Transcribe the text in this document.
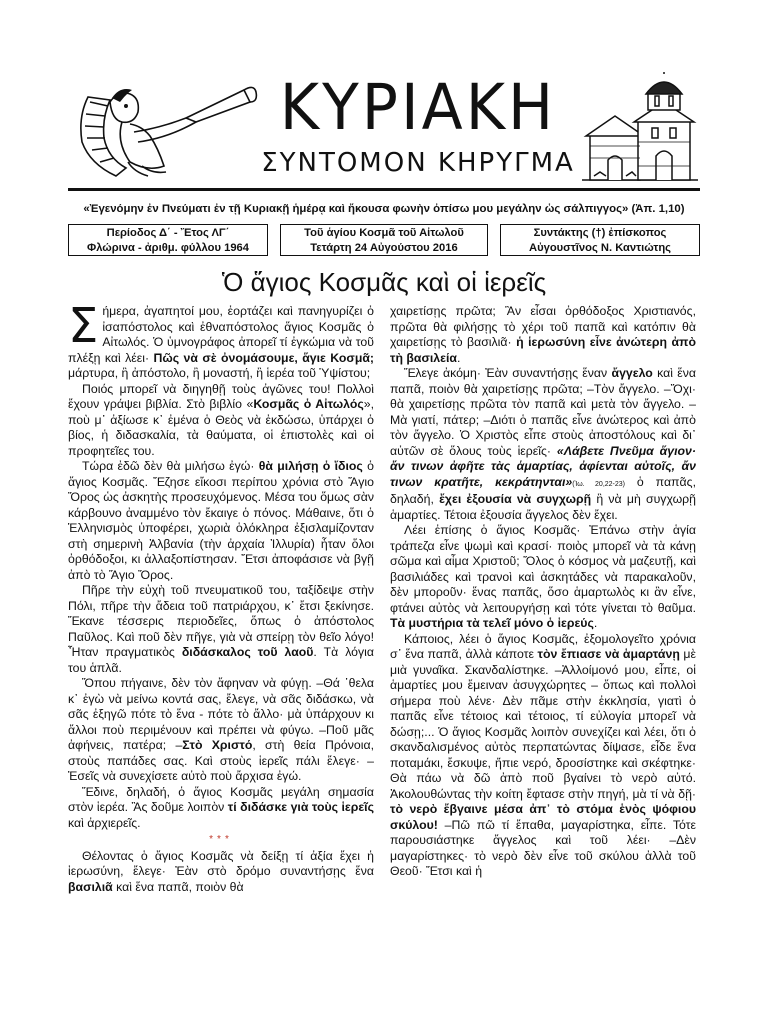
ΚΥΡΙΑΚΗ
ΣΥΝΤΟΜΟΝ ΚΗΡΥΓΜΑ
«Ἐγενόμην ἐν Πνεύματι ἐν τῇ Κυριακῇ ἡμέρᾳ καὶ ἤκουσα φωνὴν ὀπίσω μου μεγάλην ὡς σάλπιγγος» (Ἀπ. 1,10)
Περίοδος Δ΄ - Ἔτος ΛΓ΄
Φλώρινα - ἀριθμ. φύλλου 1964
Τοῦ ἁγίου Κοσμᾶ τοῦ Αἰτωλοῦ
Τετάρτη 24 Αὐγούστου 2016
Συντάκτης (†) ἐπίσκοπος
Αὐγουστῖνος Ν. Καντιώτης
Ὁ ἅγιος Κοσμᾶς καὶ οἱ ἱερεῖς

Σήμερα, ἀγαπητοί μου, ἑορτάζει καὶ πανηγυρίζει ὁ ἰσαπόστολος καὶ ἐθναπόστολος ἅγιος Κοσμᾶς ὁ Αἰτωλός. Ὁ ὑμνογράφος ἀπορεῖ τί ἐγκώμια νὰ τοῦ πλέξῃ καὶ λέει· Πῶς νὰ σὲ ὀνομάσουμε, ἅγιε Κοσμᾶ; μάρτυρα, ἢ ἀπόστολο, ἢ μοναστή, ἢ ἱερέα τοῦ Ὑψίστου;

Ποιός μπορεῖ νὰ διηγηθῇ τοὺς ἀγῶνες του! Πολλοὶ ἔχουν γράψει βιβλία. Στὸ βιβλίο «Κοσμᾶς ὁ Αἰτωλός», ποὺ μ᾿ ἀξίωσε κ᾿ ἐμένα ὁ Θεὸς νὰ ἐκδώσω, ὑπάρχει ὁ βίος, ἡ διδασκαλία, τὰ θαύματα, οἱ ἐπιστολὲς καὶ οἱ προφητεῖες του.

Τώρα ἐδῶ δὲν θὰ μιλήσω ἐγώ· θὰ μιλήσῃ ὁ ἴδιος ὁ ἅγιος Κοσμᾶς. Ἔζησε εἴκοσι περίπου χρόνια στὸ Ἅγιο Ὄρος ὡς ἀσκητὴς προσευχόμενος. Μέσα του ὅμως σὰν κάρβουνο ἀναμμένο τὸν ἔκαιγε ὁ πόνος. Μάθαινε, ὅτι ὁ Ἑλληνισμὸς ὑποφέρει, χωριὰ ὁλόκληρα ἐξισλαμίζονταν στὴ σημερινὴ Ἀλβανία (τὴν ἀρχαία Ἰλλυρία) ἦταν ὅλοι ὀρθόδοξοι, κι ἀλλαξοπίστησαν. Ἔτσι ἀποφάσισε νὰ βγῇ ἀπὸ τὸ Ἅγιο Ὄρος.

Πῆρε τὴν εὐχὴ τοῦ πνευματικοῦ του, ταξίδεψε στὴν Πόλι, πῆρε τὴν ἄδεια τοῦ πατριάρχου, κ᾿ ἔτσι ξεκίνησε. Ἔκανε τέσσερις περιοδεῖες, ὅπως ὁ ἀπόστολος Παῦλος. Καὶ ποῦ δὲν πῆγε, γιὰ νὰ σπείρῃ τὸν θεῖο λόγο! Ἦταν πραγματικὸς διδάσκαλος τοῦ λαοῦ. Τὰ λόγια του ἁπλᾶ.

Ὅπου πήγαινε, δὲν τὸν ἄφηναν νὰ φύγῃ. –Θά ᾿θελα κ᾿ ἐγὼ νὰ μείνω κοντά σας, ἔλεγε, νὰ σᾶς διδάσκω, νὰ σᾶς ἐξηγῶ πότε τὸ ἕνα - πότε τὸ ἄλλο· μὰ ὑπάρχουν κι ἄλλοι ποὺ περιμένουν καὶ πρέπει νὰ φύγω. –Ποῦ μᾶς ἀφήνεις, πατέρα; –Στὸ Χριστό, στὴ θεία Πρόνοια, στοὺς παπάδες σας. Καὶ στοὺς ἱερεῖς πάλι ἔλεγε· –Ἐσεῖς νὰ συνεχίσετε αὐτὸ ποὺ ἄρχισα ἐγώ.

Ἔδινε, δηλαδή, ὁ ἅγιος Κοσμᾶς μεγάλη σημασία στὸν ἱερέα. Ἂς δοῦμε λοιπὸν τί διδάσκε γιὰ τοὺς ἱερεῖς καὶ ἀρχιερεῖς.

***

Θέλοντας ὁ ἅγιος Κοσμᾶς νὰ δείξῃ τί ἀξία ἔχει ἡ ἱερωσύνη, ἔλεγε· Ἐὰν στὸ δρόμο συναντήσῃς ἕνα βασιλιᾶ καὶ ἕνα παπᾶ, ποιὸν θὰ

χαιρετίσῃς πρῶτα; Ἂν εἶσαι ὀρθόδοξος Χριστιανός, πρῶτα θὰ φιλήσῃς τὸ χέρι τοῦ παπᾶ καὶ κατόπιν θὰ χαιρετίσῃς τὸ βασιλιᾶ· ἡ ἱερωσύνη εἶνε ἀνώτερη ἀπὸ τὴ βασιλεία.

Ἔλεγε ἀκόμη· Ἐὰν συναντήσῃς ἕναν ἄγγελο καὶ ἕνα παπᾶ, ποιὸν θὰ χαιρετίσῃς πρῶτα; –Τὸν ἄγγελο. –Ὄχι· θὰ χαιρετίσῃς πρῶτα τὸν παπᾶ καὶ μετὰ τὸν ἄγγελο. –Μὰ γιατί, πάτερ; –Διότι ὁ παπᾶς εἶνε ἀνώτερος καὶ ἀπὸ τὸν ἄγγελο. Ὁ Χριστὸς εἶπε στοὺς ἀποστόλους καὶ δι᾿ αὐτῶν σὲ ὅλους τοὺς ἱερεῖς· «Λάβετε Πνεῦμα ἅγιον· ἄν τινων ἀφῆτε τὰς ἁμαρτίας, ἀφίενται αὐτοῖς, ἄν τινων κρατῆτε, κεκράτηνται»(Ἰω. 20,22-23) ὁ παπᾶς, δηλαδή, ἔχει ἐξουσία νὰ συγχωρῇ ἢ νὰ μὴ συγχωρῇ ἁμαρτίες. Τέτοια ἐξουσία ἄγγελος δὲν ἔχει.

Λέει ἐπίσης ὁ ἅγιος Κοσμᾶς· Ἐπάνω στὴν ἁγία τράπεζα εἶνε ψωμὶ καὶ κρασί· ποιὸς μπορεῖ νὰ τὰ κάνῃ σῶμα καὶ αἷμα Χριστοῦ; Ὅλος ὁ κόσμος νὰ μαζευτῇ, καὶ βασιλιάδες καὶ τρανοὶ καὶ ἀσκητάδες νὰ παρακαλοῦν, δὲν μποροῦν· ἕνας παπᾶς, ὅσο ἁμαρτωλὸς κι ἂν εἶνε, φτάνει αὐτὸς νὰ λειτουργήσῃ καὶ τότε γίνεται τὸ θαῦμα. Τὰ μυστήρια τὰ τελεῖ μόνο ὁ ἱερεύς.

Κάποιος, λέει ὁ ἅγιος Κοσμᾶς, ἐξομολογεῖτο χρόνια σ᾿ ἕνα παπᾶ, ἀλλὰ κάποτε τὸν ἔπιασε νὰ ἁμαρτάνῃ μὲ μιὰ γυναῖκα. Σκανδαλίστηκε. –Ἀλλοίμονό μου, εἶπε, οἱ ἁμαρτίες μου ἔμειναν ἀσυγχώρητες – ὅπως καὶ πολλοὶ σήμερα ποὺ λένε· Δὲν πᾶμε στὴν ἐκκλησία, γιατὶ ὁ παπᾶς εἶνε τέτοιος καὶ τέτοιος, τί εὐλογία μπορεῖ νὰ δώσῃ;... Ὁ ἅγιος Κοσμᾶς λοιπὸν συνεχίζει καὶ λέει, ὅτι ὁ σκανδαλισμένος αὐτὸς περπατώντας δίψασε, εἶδε ἕνα ποταμάκι, ἔσκυψε, ἤπιε νερό, δροσίστηκε καὶ σκέφτηκε· Θὰ πάω νὰ δῶ ἀπὸ ποῦ βγαίνει τὸ νερὸ αὐτό. Ἀκολουθώντας τὴν κοίτη ἔφτασε στὴν πηγή, μὰ τί νὰ δῇ· τὸ νερὸ ἔβγαινε μέσα ἀπ᾿ τὸ στόμα ἑνὸς ψόφιου σκύλου! –Πῶ πῶ τί ἔπαθα, μαγαρίστηκα, εἶπε. Τότε παρουσιάστηκε ἄγγελος καὶ τοῦ λέει· –Δὲν μαγαρίστηκες· τὸ νερὸ δὲν εἶνε τοῦ σκύλου ἀλλὰ τοῦ Θεοῦ· Ἔτσι καὶ ἡ
